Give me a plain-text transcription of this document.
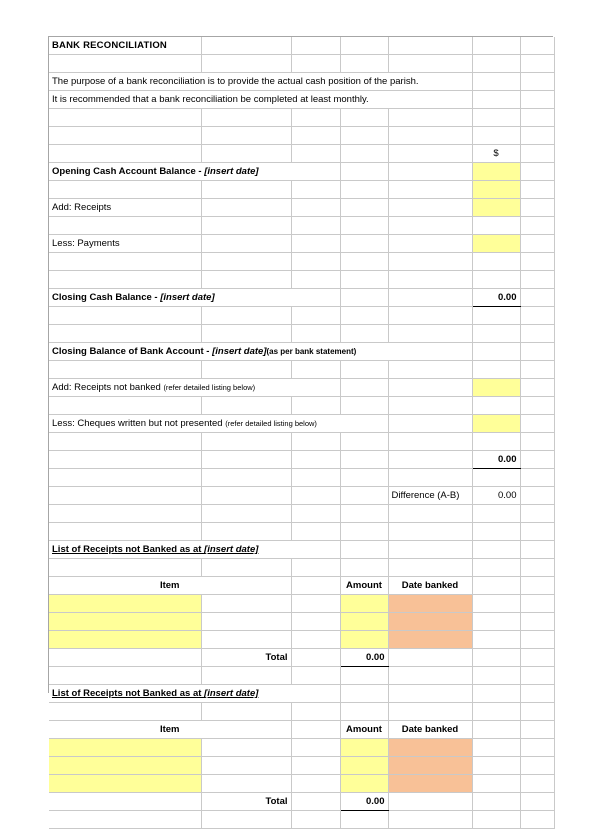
BANK RECONCILIATION						

The purpose of a bank reconciliation is to provide the actual cash position of the parish.						
It is recommended that a bank reconciliation be completed at least monthly.						

					$	
Opening Cash Account Balance - [insert date]						

Add: Receipts						

Less: Payments						

Closing Cash Balance - [insert date]					0.00	

Closing Balance of Bank Account - [insert date](as per bank statement)						

Add: Receipts not banked (refer detailed listing below)						

Less: Cheques written but not presented (refer detailed listing below)						

					0.00	

				Difference (A-B)	0.00	

List of Receipts not Banked as at [insert date]						

Item			Amount	Date banked		

	Total		0.00			

List of Receipts not Banked as at [insert date]						

Item			Amount	Date banked		

	Total		0.00			
